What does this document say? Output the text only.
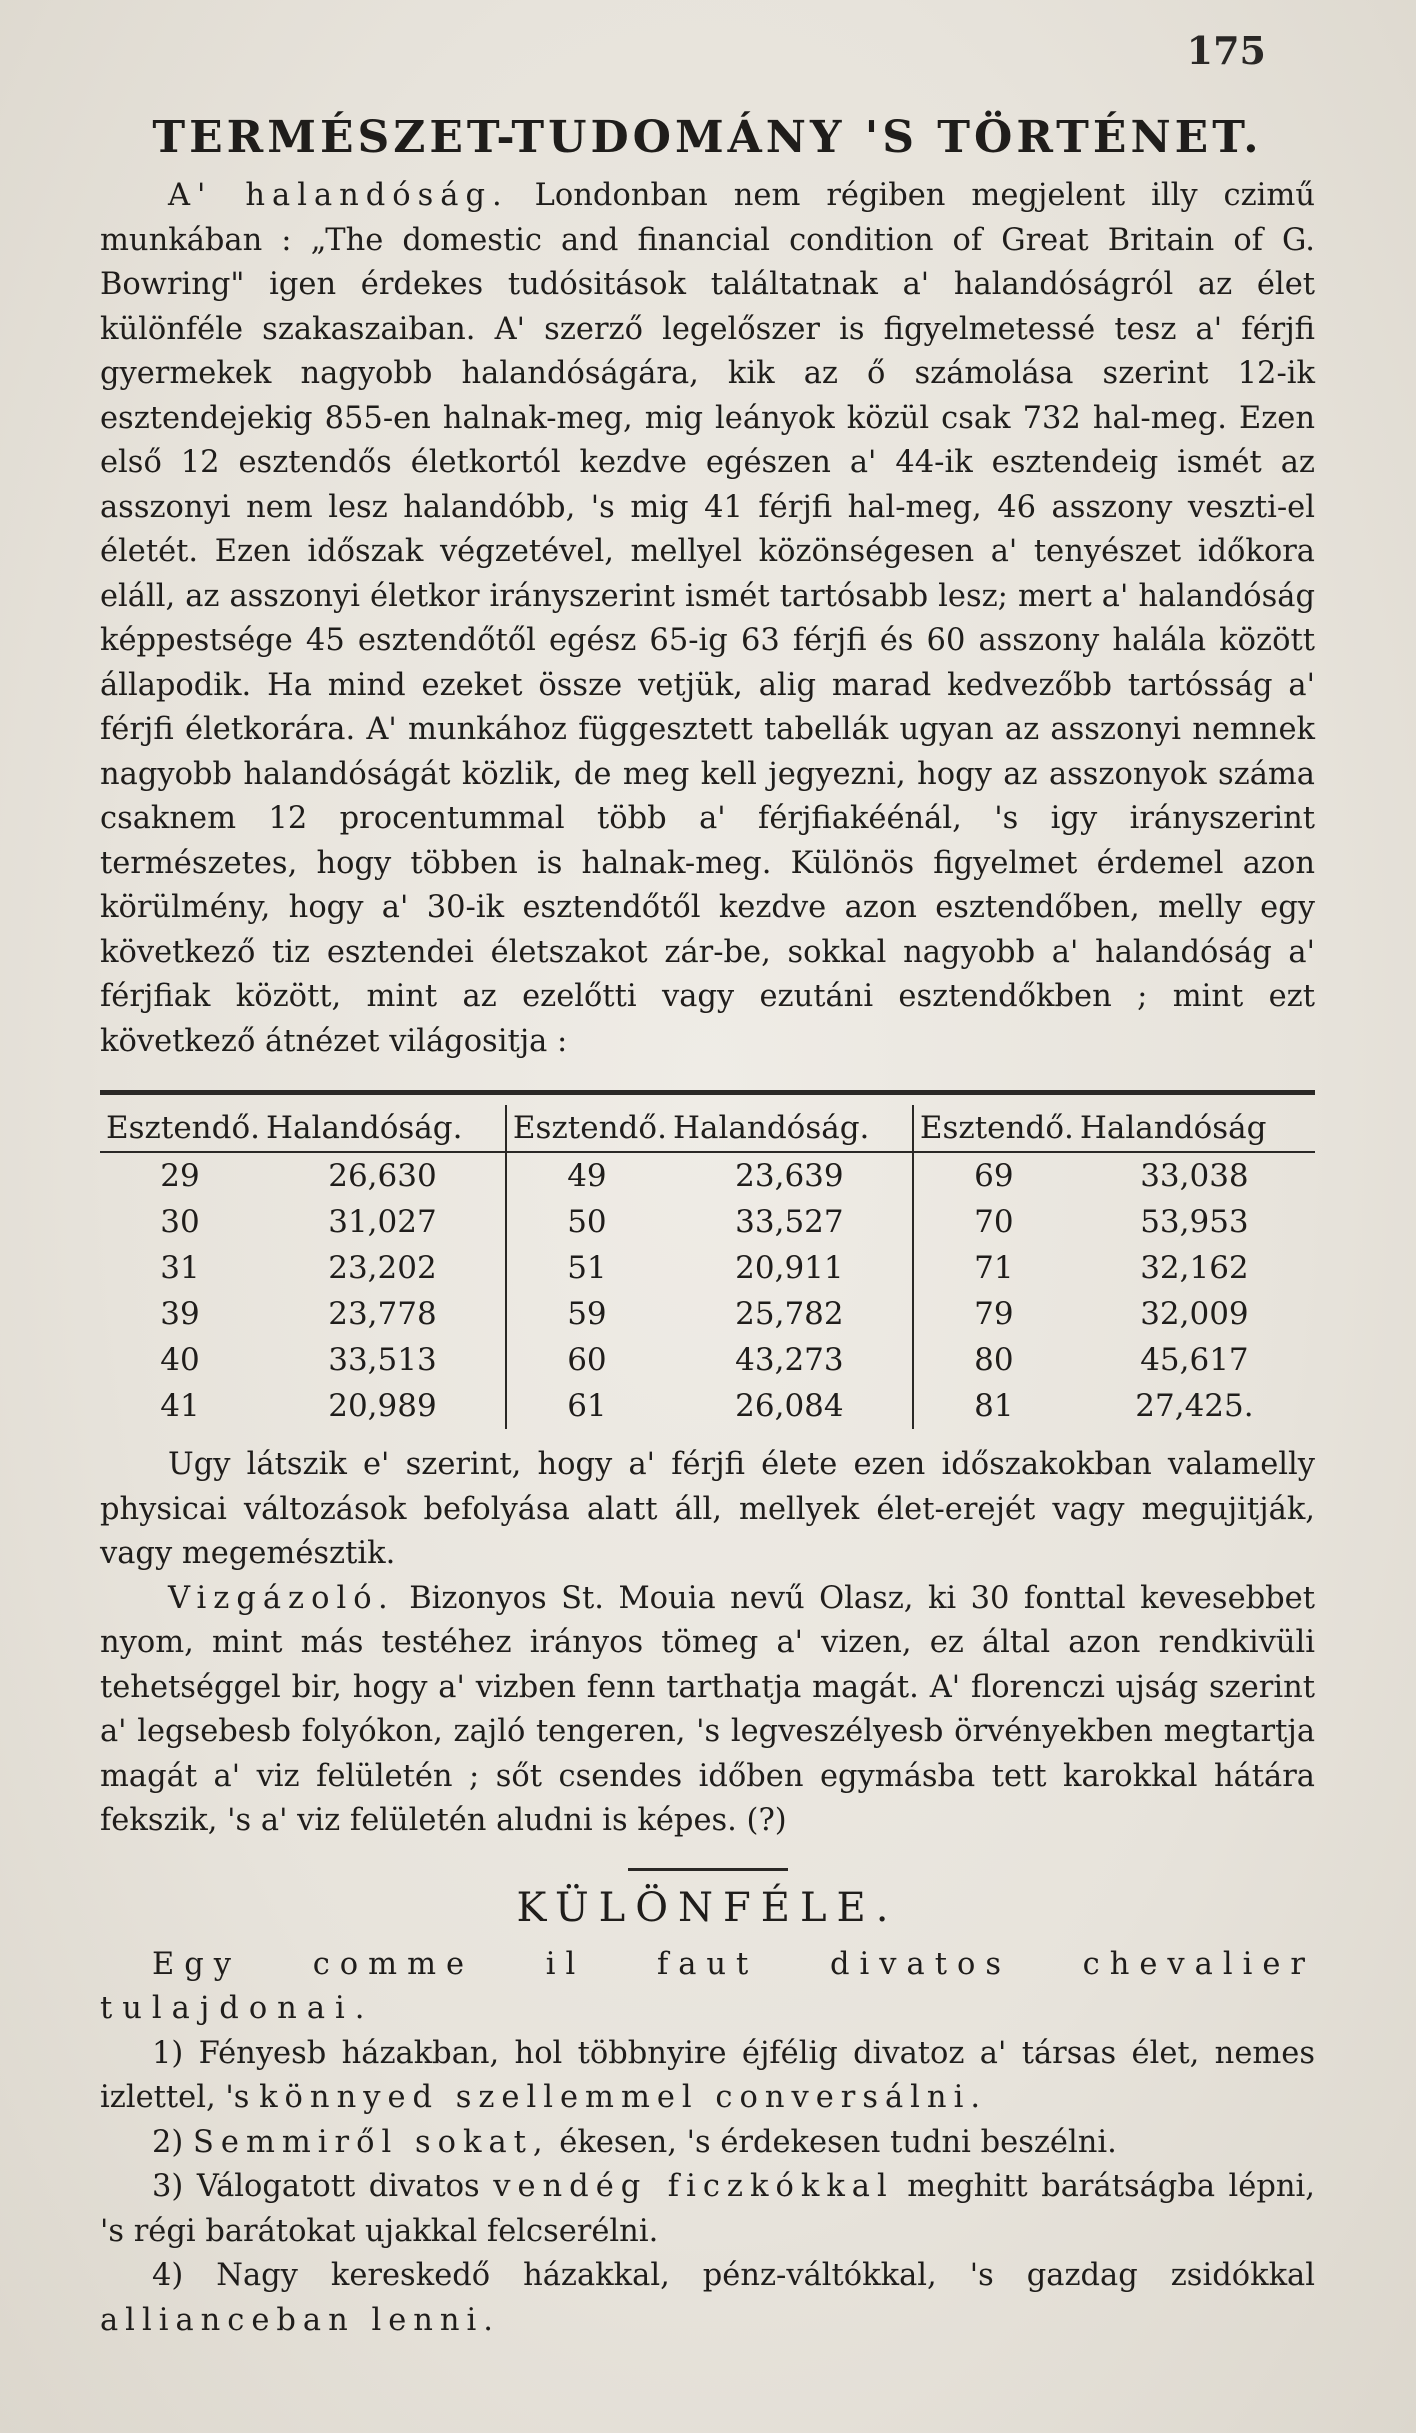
175
TERMÉSZET-TUDOMÁNY 'S TÖRTÉNET.

A' halandóság. Londonban nem régiben megjelent illy czimű munkában : „The domestic and financial condition of Great Britain of G. Bowring" igen érdekes tudósitások találtatnak a' halandóságról az élet különféle szakaszaiban. A' szerző legelőszer is figyelmetessé tesz a' férjfi gyermekek nagyobb halandóságára, kik az ő számolása szerint 12-ik esztendejekig 855-en halnak-meg, mig leányok közül csak 732 hal-meg. Ezen első 12 esztendős életkortól kezdve egészen a' 44-ik esztendeig ismét az asszonyi nem lesz halandóbb, 's mig 41 férjfi hal-meg, 46 asszony veszti-el életét. Ezen időszak végzetével, mellyel közönségesen a' tenyészet időkora eláll, az asszonyi életkor irányszerint ismét tartósabb lesz; mert a' halandóság képpestsége 45 esztendőtől egész 65-ig 63 férjfi és 60 asszony halála között állapodik. Ha mind ezeket össze vetjük, alig marad kedvezőbb tartósság a' férjfi életkorára. A' munkához függesztett tabellák ugyan az asszonyi nemnek nagyobb halandóságát közlik, de meg kell jegyezni, hogy az asszonyok száma csaknem 12 procentummal több a' férjfiakéénál, 's igy irányszerint természetes, hogy többen is halnak-meg. Különös figyelmet érdemel azon körülmény, hogy a' 30-ik esztendőtől kezdve azon esztendőben, melly egy következő tiz esztendei életszakot zár-be, sokkal nagyobb a' halandóság a' férjfiak között, mint az ezelőtti vagy ezutáni esztendőkben ; mint ezt következő átnézet világositja :

Esztendő.	Halandóság.	Esztendő.	Halandóság.	Esztendő.	Halandóság
29	26,630	49	23,639	69	33,038
30	31,027	50	33,527	70	53,953
31	23,202	51	20,911	71	32,162
39	23,778	59	25,782	79	32,009
40	33,513	60	43,273	80	45,617
41	20,989	61	26,084	81	27,425.

Ugy látszik e' szerint, hogy a' férjfi élete ezen időszakokban valamelly physicai változások befolyása alatt áll, mellyek élet-erejét vagy megujitják, vagy megemésztik.

Vizgázoló. Bizonyos St. Mouia nevű Olasz, ki 30 fonttal kevesebbet nyom, mint más testéhez irányos tömeg a' vizen, ez által azon rendkivüli tehetséggel bir, hogy a' vizben fenn tarthatja magát. A' florenczi ujság szerint a' legsebesb folyókon, zajló tengeren, 's legveszélyesb örvényekben megtartja magát a' viz felületén ; sőt csendes időben egymásba tett karokkal hátára fekszik, 's a' viz felületén aludni is képes. (?)

KÜLÖNFÉLE.

Egy comme il faut divatos chevalier tulajdonai.

1) Fényesb házakban, hol többnyire éjfélig divatoz a' társas élet, nemes izlettel, 's könnyed szellemmel conversálni.

2) Semmiről sokat, ékesen, 's érdekesen tudni beszélni.

3) Válogatott divatos vendég ficzkókkal meghitt barátságba lépni, 's régi barátokat ujakkal felcserélni.

4) Nagy kereskedő házakkal, pénz-váltókkal, 's gazdag zsidókkal allianceban lenni.
